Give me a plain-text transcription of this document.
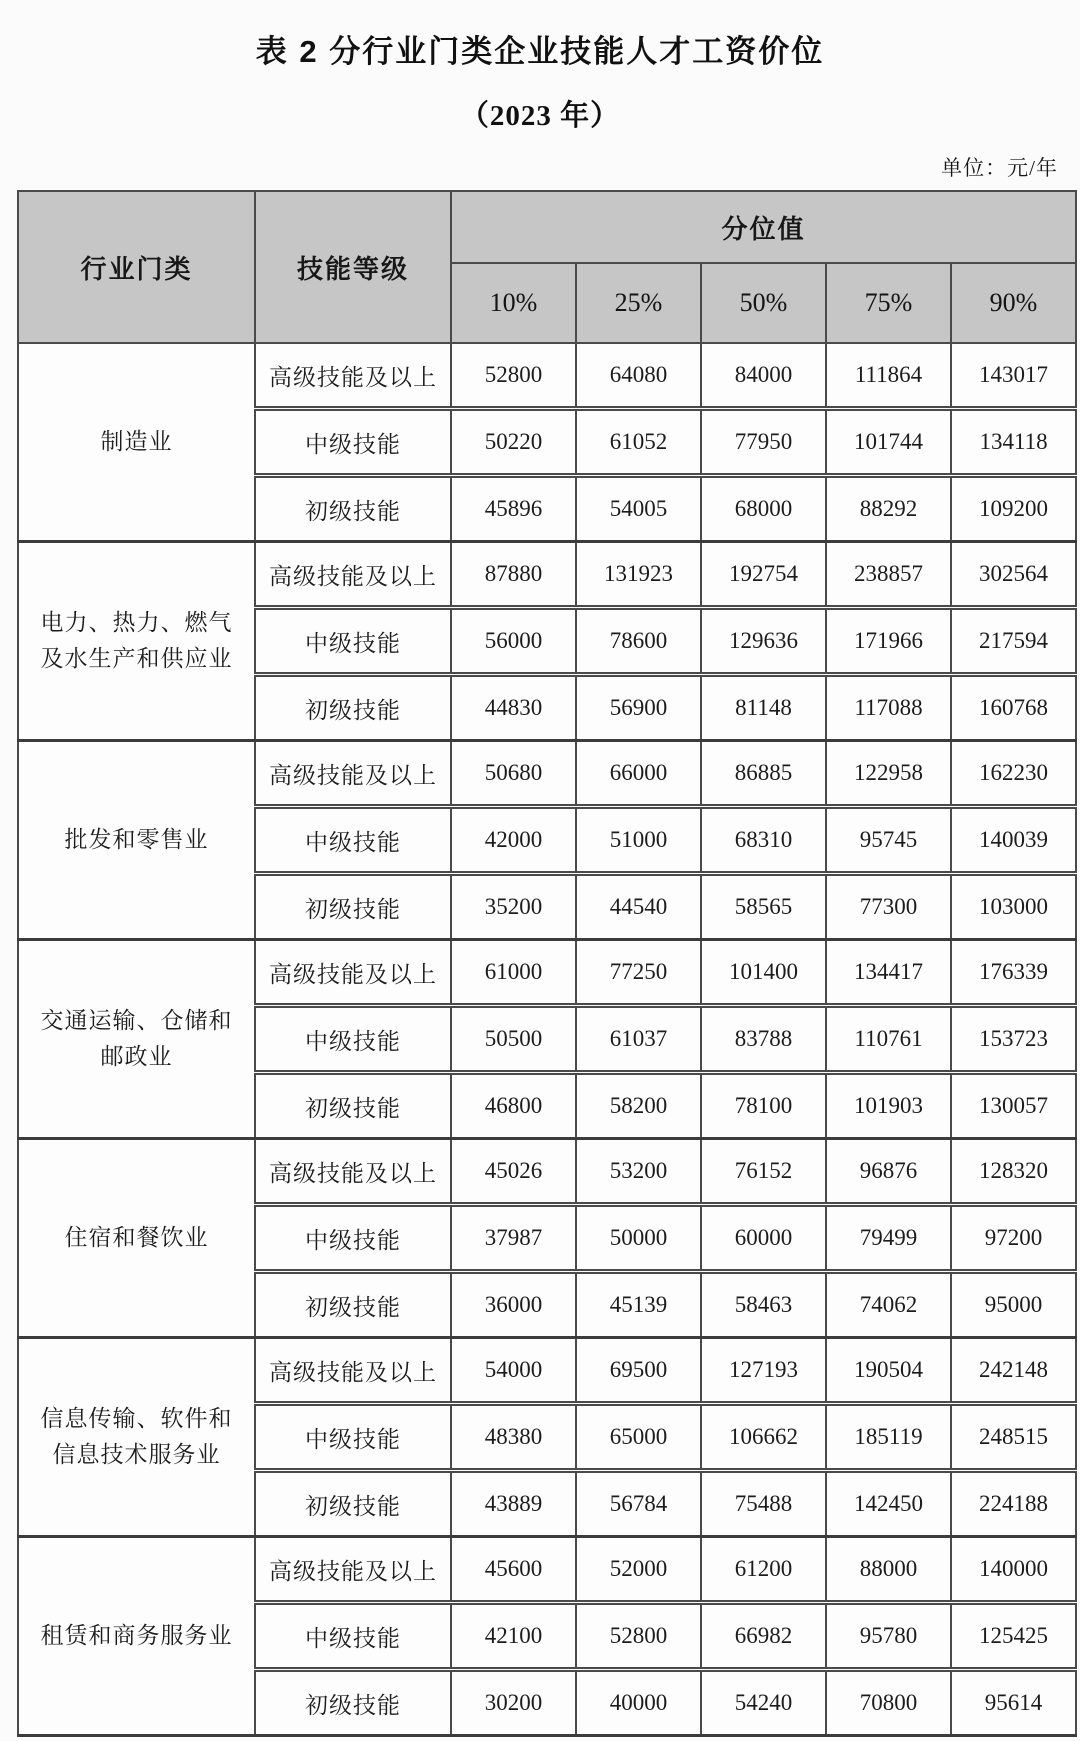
表 2 分行业门类企业技能人才工资价位
（2023 年）
单位：元/年
行业门类	技能等级	分位值				
		10%	25%	50%	75%	90%
制造业	高级技能及以上	52800	64080	84000	111864	143017
	中级技能	50220	61052	77950	101744	134118
	初级技能	45896	54005	68000	88292	109200
电力、热力、燃气及水生产和供应业	高级技能及以上	87880	131923	192754	238857	302564
	中级技能	56000	78600	129636	171966	217594
	初级技能	44830	56900	81148	117088	160768
批发和零售业	高级技能及以上	50680	66000	86885	122958	162230
	中级技能	42000	51000	68310	95745	140039
	初级技能	35200	44540	58565	77300	103000
交通运输、仓储和邮政业	高级技能及以上	61000	77250	101400	134417	176339
	中级技能	50500	61037	83788	110761	153723
	初级技能	46800	58200	78100	101903	130057
住宿和餐饮业	高级技能及以上	45026	53200	76152	96876	128320
	中级技能	37987	50000	60000	79499	97200
	初级技能	36000	45139	58463	74062	95000
信息传输、软件和信息技术服务业	高级技能及以上	54000	69500	127193	190504	242148
	中级技能	48380	65000	106662	185119	248515
	初级技能	43889	56784	75488	142450	224188
租赁和商务服务业	高级技能及以上	45600	52000	61200	88000	140000
	中级技能	42100	52800	66982	95780	125425
	初级技能	30200	40000	54240	70800	95614
